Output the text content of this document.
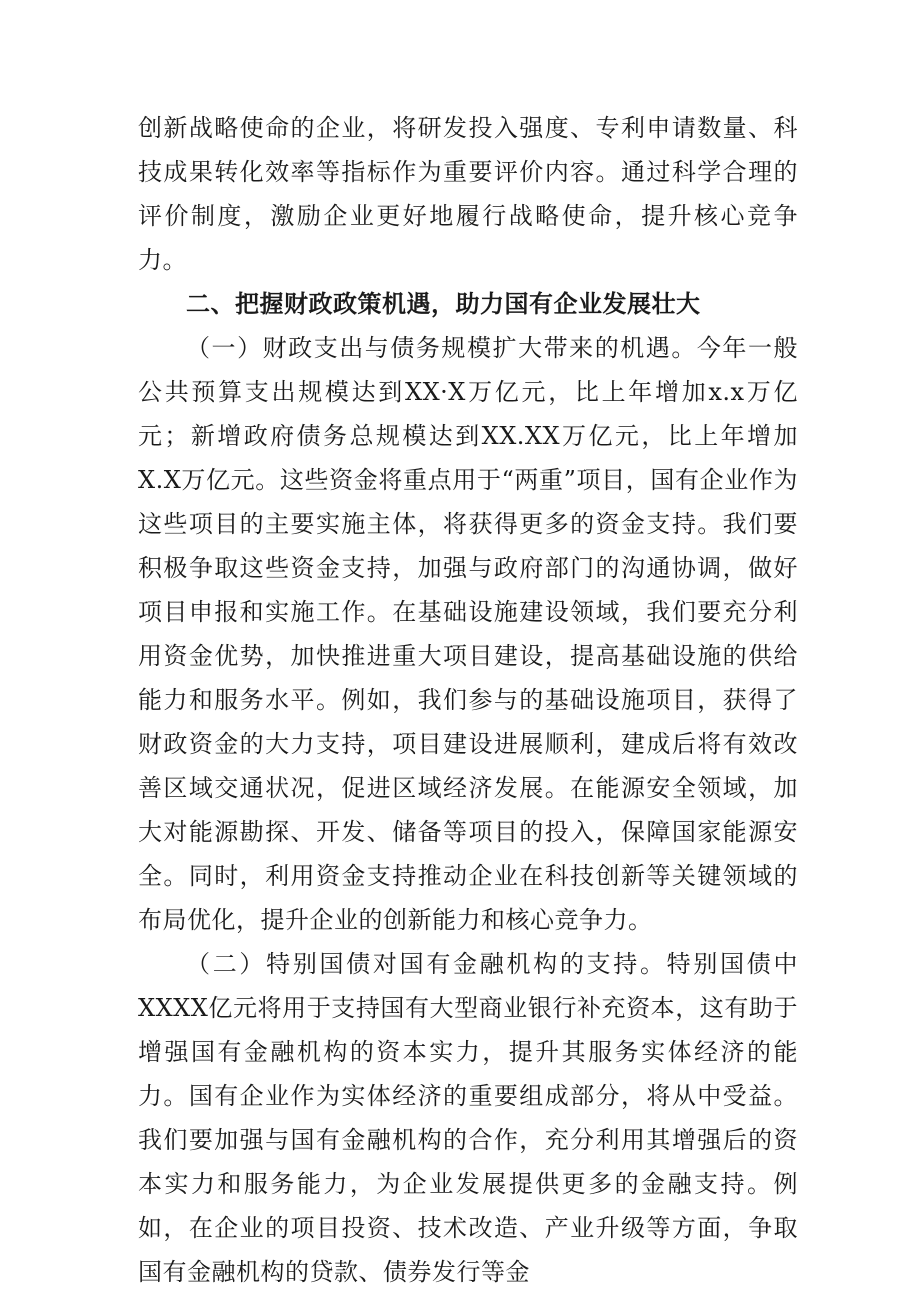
创新战略使命的企业，将研发投入强度、专利申请数量、科技成果转化效率等指标作为重要评价内容。通过科学合理的评价制度，激励企业更好地履行战略使命，提升核心竞争力。

二、把握财政政策机遇，助力国有企业发展壮大

（一）财政支出与债务规模扩大带来的机遇。今年一般公共预算支出规模达到XX·X万亿元，比上年增加x.x万亿元；新增政府债务总规模达到XX.XX万亿元，比上年增加X.X万亿元。这些资金将重点用于“两重”项目，国有企业作为这些项目的主要实施主体，将获得更多的资金支持。我们要积极争取这些资金支持，加强与政府部门的沟通协调，做好项目申报和实施工作。在基础设施建设领域，我们要充分利用资金优势，加快推进重大项目建设，提高基础设施的供给能力和服务水平。例如，我们参与的基础设施项目，获得了财政资金的大力支持，项目建设进展顺利，建成后将有效改善区域交通状况，促进区域经济发展。在能源安全领域，加大对能源勘探、开发、储备等项目的投入，保障国家能源安全。同时，利用资金支持推动企业在科技创新等关键领域的布局优化，提升企业的创新能力和核心竞争力。

（二）特别国债对国有金融机构的支持。特别国债中XXXX亿元将用于支持国有大型商业银行补充资本，这有助于增强国有金融机构的资本实力，提升其服务实体经济的能力。国有企业作为实体经济的重要组成部分，将从中受益。我们要加强与国有金融机构的合作，充分利用其增强后的资本实力和服务能力，为企业发展提供更多的金融支持。例如，在企业的项目投资、技术改造、产业升级等方面，争取国有金融机构的贷款、债券发行等金
